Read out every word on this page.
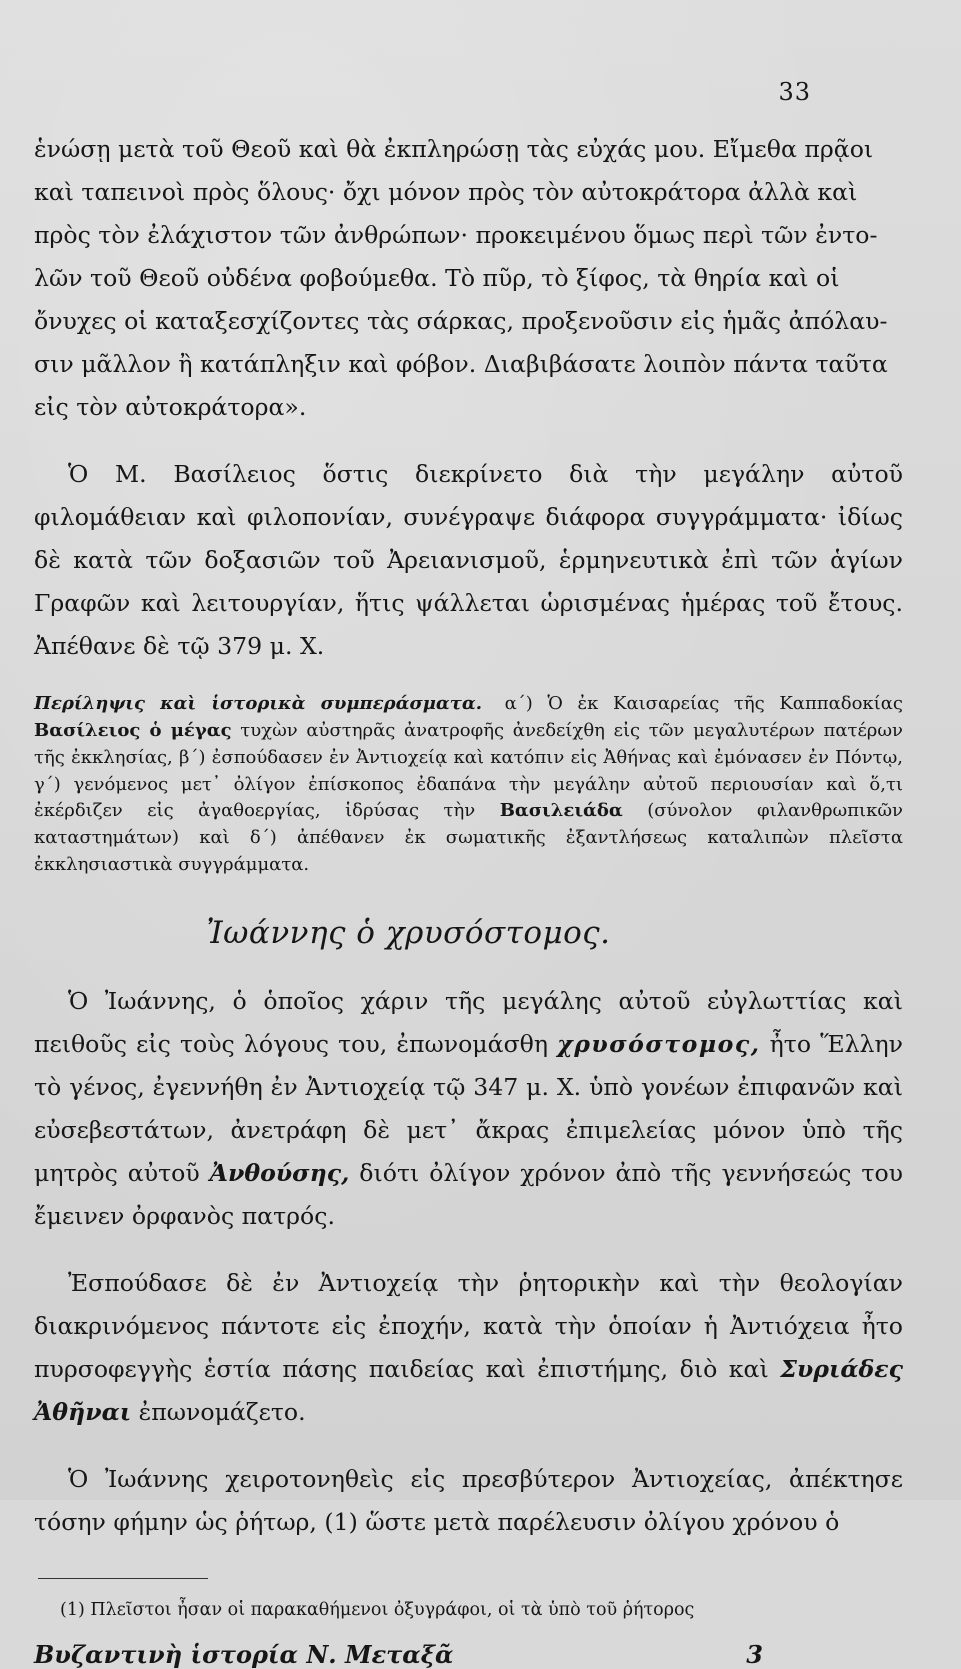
33

ἑνώσῃ μετὰ τοῦ Θεοῦ καὶ θὰ ἐκπληρώσῃ τὰς εὐχάς μου. Εἴμεθα πρᾷοι

καὶ ταπεινοὶ πρὸς ὅλους· ὄχι μόνον πρὸς τὸν αὐτοκράτορα ἀλλὰ καὶ

πρὸς τὸν ἐλάχιστον τῶν ἀνθρώπων· προκειμένου ὅμως περὶ τῶν ἐντο-

λῶν τοῦ Θεοῦ οὐδένα φοβούμεθα. Τὸ πῦρ, τὸ ξίφος, τὰ θηρία καὶ οἱ

ὄνυχες οἱ καταξεσχίζοντες τὰς σάρκας, προξενοῦσιν εἰς ἡμᾶς ἀπόλαυ-

σιν μᾶλλον ἢ κατάπληξιν καὶ φόβον. Διαβιβάσατε λοιπὸν πάντα ταῦτα

εἰς τὸν αὐτοκράτορα».

Ὁ Μ. Βασίλειος ὅστις διεκρίνετο διὰ τὴν μεγάλην αὐτοῦ φιλομάθειαν καὶ φιλοπονίαν, συνέγραψε διάφορα συγγράμματα· ἰδίως δὲ κατὰ τῶν δοξασιῶν τοῦ Ἀρειανισμοῦ, ἑρμηνευτικὰ ἐπὶ τῶν ἁγίων Γραφῶν καὶ λειτουργίαν, ἥτις ψάλλεται ὡρισμένας ἡμέρας τοῦ ἔτους. Ἀπέθανε δὲ τῷ 379 μ. Χ.

Περίληψις καὶ ἱστορικὰ συμπεράσματα. α΄) Ὁ ἐκ Καισαρείας τῆς Καππαδοκίας Βασίλειος ὁ μέγας τυχὼν αὐστηρᾶς ἀνατροφῆς ἀνεδείχθη εἰς τῶν μεγαλυτέρων πατέρων τῆς ἐκκλησίας, β΄) ἐσπούδασεν ἐν Ἀντιοχείᾳ καὶ κατόπιν εἰς Ἀθήνας καὶ ἐμόνασεν ἐν Πόντῳ, γ΄) γενόμενος μετ᾽ ὀλίγον ἐπίσκοπος ἐδαπάνα τὴν μεγάλην αὐτοῦ περιουσίαν καὶ ὅ,τι ἐκέρδιζεν εἰς ἀγαθοεργίας, ἱδρύσας τὴν Βασιλειάδα (σύνολον φιλανθρωπικῶν καταστημάτων) καὶ δ΄) ἀπέθανεν ἐκ σωματικῆς ἐξαντλήσεως καταλιπὼν πλεῖστα ἐκκλησιαστικὰ συγγράμματα.

Ἰωάννης ὁ χρυσόστομος.

Ὁ Ἰωάννης, ὁ ὁποῖος χάριν τῆς μεγάλης αὐτοῦ εὐγλωττίας καὶ πειθοῦς εἰς τοὺς λόγους του, ἐπωνομάσθη χρυσόστομος, ἦτο Ἕλλην τὸ γένος, ἐγεννήθη ἐν Ἀντιοχείᾳ τῷ 347 μ. Χ. ὑπὸ γονέων ἐπιφανῶν καὶ εὐσεβεστάτων, ἀνετράφη δὲ μετ᾽ ἄκρας ἐπιμελείας μόνον ὑπὸ τῆς μητρὸς αὐτοῦ Ἀνθούσης, διότι ὀλίγον χρόνον ἀπὸ τῆς γεννήσεώς του ἔμεινεν ὀρφανὸς πατρός.

Ἐσπούδασε δὲ ἐν Ἀντιοχείᾳ τὴν ῥητορικὴν καὶ τὴν θεολογίαν διακρινόμενος πάντοτε εἰς ἐποχήν, κατὰ τὴν ὁποίαν ἡ Ἀντιόχεια ἦτο πυρσοφεγγὴς ἑστία πάσης παιδείας καὶ ἐπιστήμης, διὸ καὶ Συριάδες Ἀθῆναι ἐπωνομάζετο.

Ὁ Ἰωάννης χειροτονηθεὶς εἰς πρεσβύτερον Ἀντιοχείας, ἀπέκτησε τόσην φήμην ὡς ῥήτωρ, (1) ὥστε μετὰ παρέλευσιν ὀλίγου χρόνου ὁ

(1) Πλεῖστοι ἦσαν οἱ παρακαθήμενοι ὀξυγράφοι, οἱ τὰ ὑπὸ τοῦ ῥήτορος

Βυζαντινὴ ἱστορία Ν. Μεταξᾶ	3
